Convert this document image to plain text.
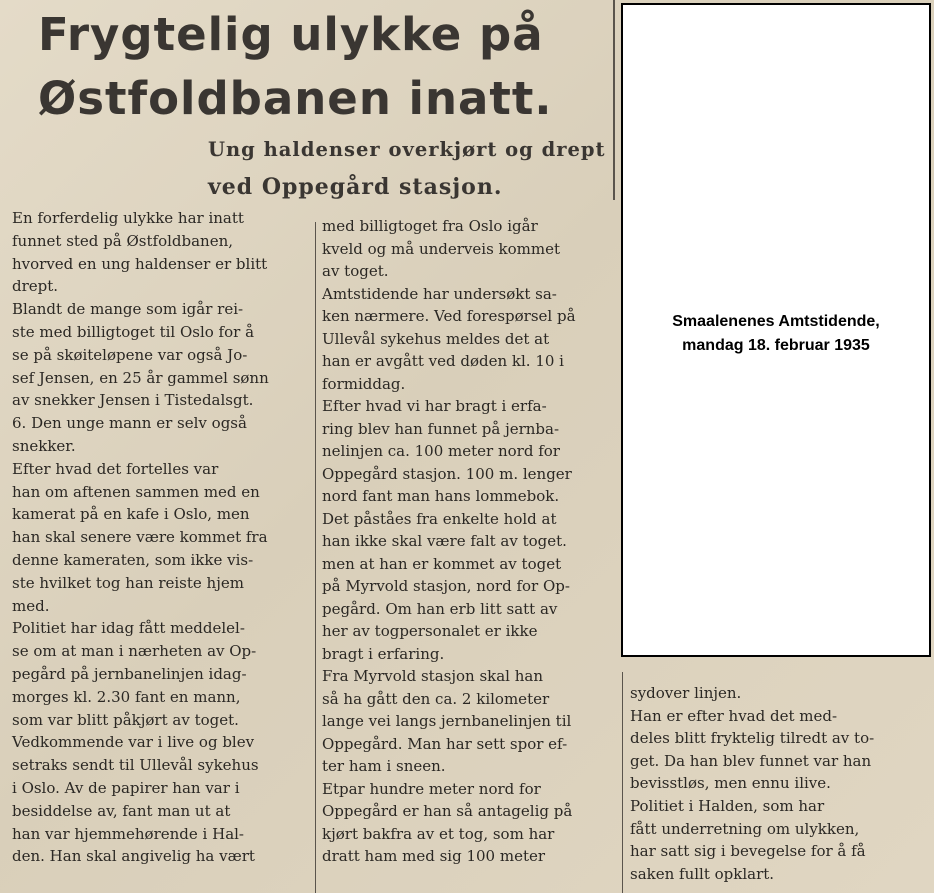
Frygtelig ulykke på
Østfoldbanen inatt.
Ung haldenser overkjørt og drept
ved Oppegård stasjon.
En forferdelig ulykke har inatt
funnet sted på Østfoldbanen,
hvorved en ung haldenser er blitt
drept.
Blandt de mange som igår rei-
ste med billigtoget til Oslo for å
se på skøiteløpene var også Jo-
sef Jensen, en 25 år gammel sønn
av snekker Jensen i Tistedalsgt.
6. Den unge mann er selv også
snekker.
Efter hvad det fortelles var
han om aftenen sammen med en
kamerat på en kafe i Oslo, men
han skal senere være kommet fra
denne kameraten, som ikke vis-
ste hvilket tog han reiste hjem
med.
Politiet har idag fått meddelel-
se om at man i nærheten av Op-
pegård på jernbanelinjen idag-
morges kl. 2.30 fant en mann,
som var blitt påkjørt av toget.
Vedkommende var i live og blev
setraks sendt til Ullevål sykehus
i Oslo. Av de papirer han var i
besiddelse av, fant man ut at
han var hjemmehørende i Hal-
den. Han skal angivelig ha vært
med billigtoget fra Oslo igår
kveld og må underveis kommet
av toget.
Amtstidende har undersøkt sa-
ken nærmere. Ved forespørsel på
Ullevål sykehus meldes det at
han er avgått ved døden kl. 10 i
formiddag.
Efter hvad vi har bragt i erfa-
ring blev han funnet på jernba-
nelinjen ca. 100 meter nord for
Oppegård stasjon. 100 m. lenger
nord fant man hans lommebok.
Det påståes fra enkelte hold at
han ikke skal være falt av toget.
men at han er kommet av toget
på Myrvold stasjon, nord for Op-
pegård. Om han erb litt satt av
her av togpersonalet er ikke
bragt i erfaring.
Fra Myrvold stasjon skal han
så ha gått den ca. 2 kilometer
lange vei langs jernbanelinjen til
Oppegård. Man har sett spor ef-
ter ham i sneen.
Etpar hundre meter nord for
Oppegård er han så antagelig på
kjørt bakfra av et tog, som har
dratt ham med sig 100 meter
sydover linjen.
Han er efter hvad det med-
deles blitt fryktelig tilredt av to-
get. Da han blev funnet var han
bevisstløs, men ennu ilive.
Politiet i Halden, som har
fått underretning om ulykken,
har satt sig i bevegelse for å få
saken fullt opklart.
Smaalenenes Amtstidende,
mandag 18. februar 1935
